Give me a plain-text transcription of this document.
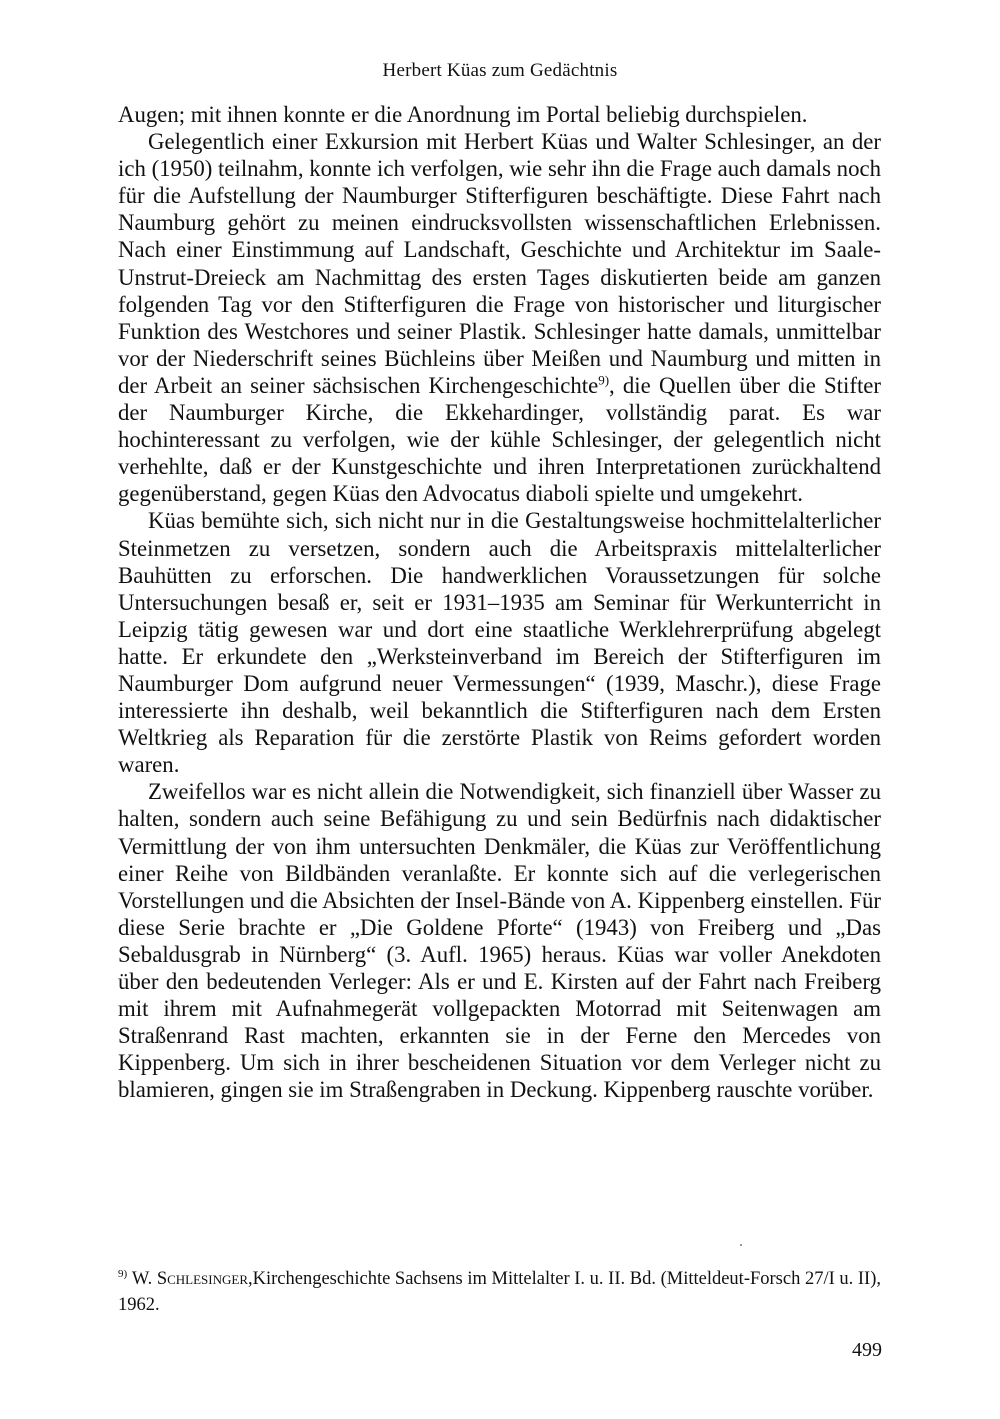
Herbert Küas zum Gedächtnis

Augen; mit ihnen konnte er die Anordnung im Portal beliebig durchspielen.

Gelegentlich einer Exkursion mit Herbert Küas und Walter Schlesinger, an der ich (1950) teilnahm, konnte ich verfolgen, wie sehr ihn die Frage auch damals noch für die Aufstellung der Naumburger Stifterfiguren beschäftigte. Diese Fahrt nach Naumburg gehört zu meinen eindrucksvollsten wissenschaftlichen Erlebnissen. Nach einer Einstimmung auf Landschaft, Geschichte und Architektur im Saale-Unstrut-Dreieck am Nachmittag des ersten Tages diskutierten beide am ganzen folgenden Tag vor den Stifterfiguren die Frage von historischer und liturgischer Funktion des Westchores und seiner Plastik. Schlesinger hatte damals, unmittelbar vor der Niederschrift seines Büchleins über Meißen und Naumburg und mitten in der Arbeit an seiner sächsischen Kirchengeschichte$^{9)}$, die Quellen über die Stifter der Naumburger Kirche, die Ekkehardinger, vollständig parat. Es war hochinteressant zu verfolgen, wie der kühle Schlesinger, der gelegentlich nicht verhehlte, daß er der Kunstgeschichte und ihren Interpretationen zurückhaltend gegenüberstand, gegen Küas den Advocatus diaboli spielte und umgekehrt.

Küas bemühte sich, sich nicht nur in die Gestaltungsweise hochmittelalterlicher Steinmetzen zu versetzen, sondern auch die Arbeitspraxis mittelalterlicher Bauhütten zu erforschen. Die handwerklichen Voraussetzungen für solche Untersuchungen besaß er, seit er 1931–1935 am Seminar für Werkunterricht in Leipzig tätig gewesen war und dort eine staatliche Werklehrerprüfung abgelegt hatte. Er erkundete den „Werksteinverband im Bereich der Stifterfiguren im Naumburger Dom aufgrund neuer Vermessungen“ (1939, Maschr.), diese Frage interessierte ihn deshalb, weil bekanntlich die Stifterfiguren nach dem Ersten Weltkrieg als Reparation für die zerstörte Plastik von Reims gefordert worden waren.

Zweifellos war es nicht allein die Notwendigkeit, sich finanziell über Wasser zu halten, sondern auch seine Befähigung zu und sein Bedürfnis nach didaktischer Vermittlung der von ihm untersuchten Denkmäler, die Küas zur Veröffentlichung einer Reihe von Bildbänden veranlaßte. Er konnte sich auf die verlegerischen Vorstellungen und die Absichten der Insel-Bände von A. Kippenberg einstellen. Für diese Serie brachte er „Die Goldene Pforte“ (1943) von Freiberg und „Das Sebaldusgrab in Nürnberg“ (3. Aufl. 1965) heraus. Küas war voller Anekdoten über den bedeutenden Verleger: Als er und E. Kirsten auf der Fahrt nach Freiberg mit ihrem mit Aufnahmegerät vollgepackten Motorrad mit Seitenwagen am Straßenrand Rast machten, erkannten sie in der Ferne den Mercedes von Kippenberg. Um sich in ihrer bescheidenen Situation vor dem Verleger nicht zu blamieren, gingen sie im Straßengraben in Deckung. Kippenberg rauschte vorüber.

$^{9)}$ W. Schlesinger,Kirchengeschichte Sachsens im Mittelalter I. u. II. Bd. (Mitteldeut-Forsch 27/I u. II), 1962.
499
